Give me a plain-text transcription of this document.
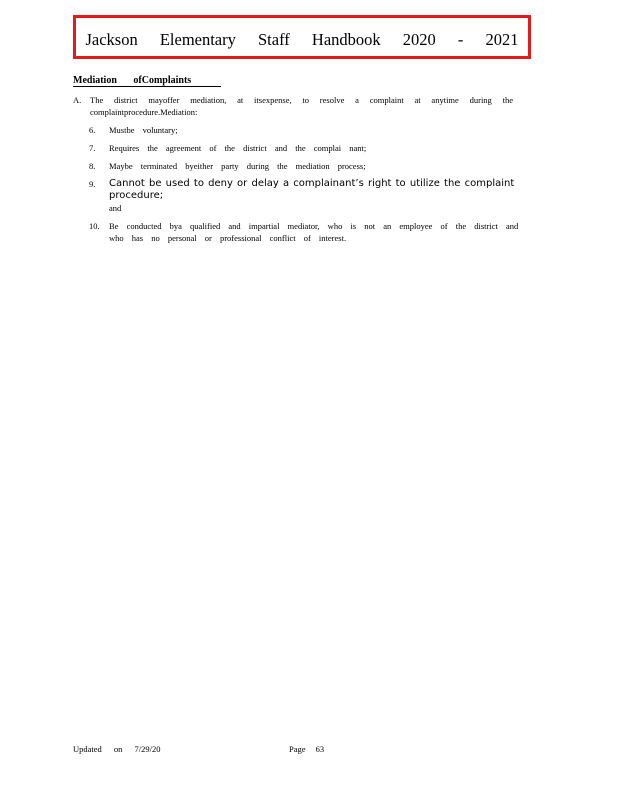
Jackson Elementary Staff Handbook 2020 - 2021
Mediation ofComplaints
A. The district mayoffer mediation, at itsexpense, to resolve a complaint at anytime during the complaintprocedure.Mediation:
6. Mustbe voluntary;
7. Requires the agreement of the district and the complai nant;
8. Maybe terminated byeither party during the mediation process;
9. Cannot be used to deny or delay a complainant’s right to utilize the complaint procedure;
and
10. Be conducted bya qualified and impartial mediator, who is not an employee of the district and who has no personal or professional conflict of interest.
Updated on 7/29/20	Page 63
